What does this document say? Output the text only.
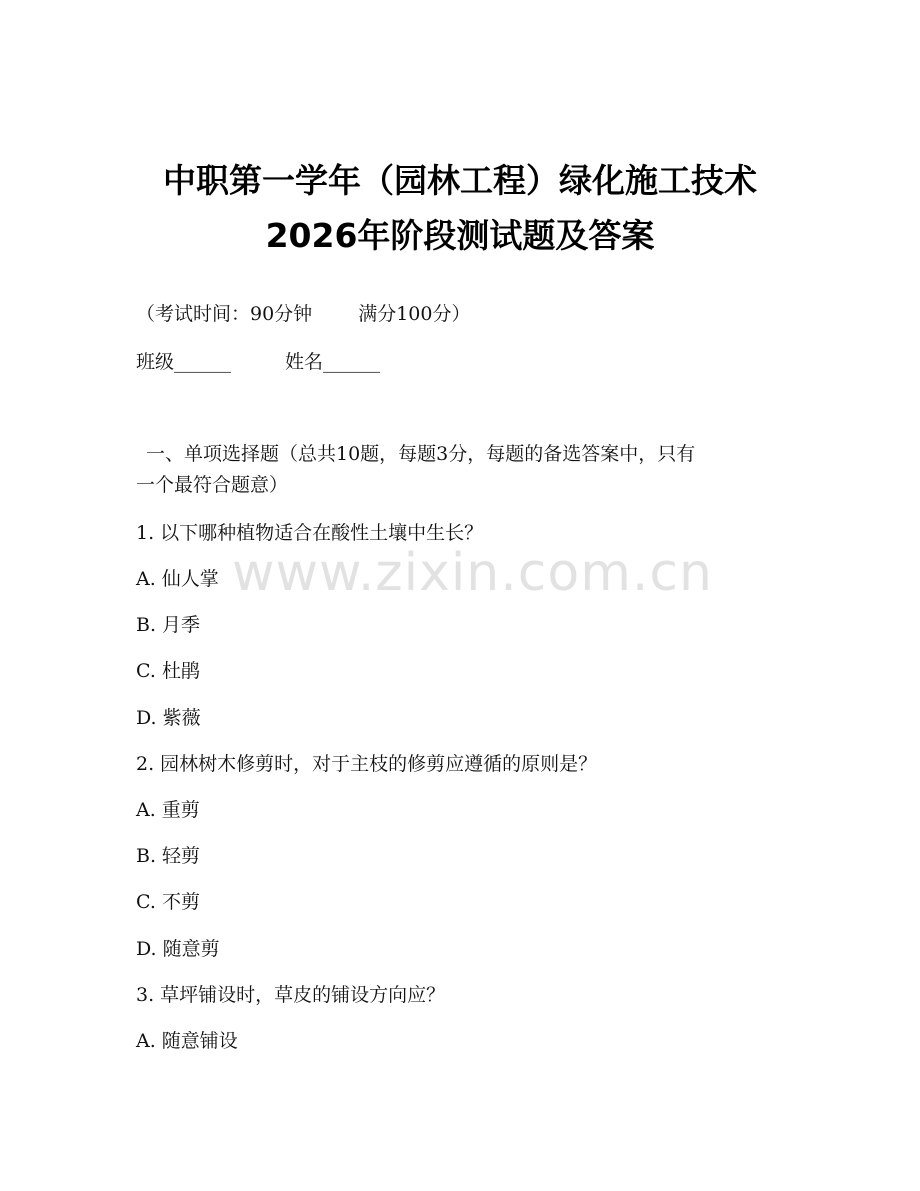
中职第一学年（园林工程）绿化施工技术
2026年阶段测试题及答案
（考试时间：90分钟 满分100分）
班级______	姓名______
一、单项选择题（总共10题，每题3分，每题的备选答案中，只有
一个最符合题意）
1. 以下哪种植物适合在酸性土壤中生长？
A. 仙人掌
B. 月季
C. 杜鹃
D. 紫薇
2. 园林树木修剪时，对于主枝的修剪应遵循的原则是？
A. 重剪
B. 轻剪
C. 不剪
D. 随意剪
3. 草坪铺设时，草皮的铺设方向应？
A. 随意铺设
www.zixin.com.cn
